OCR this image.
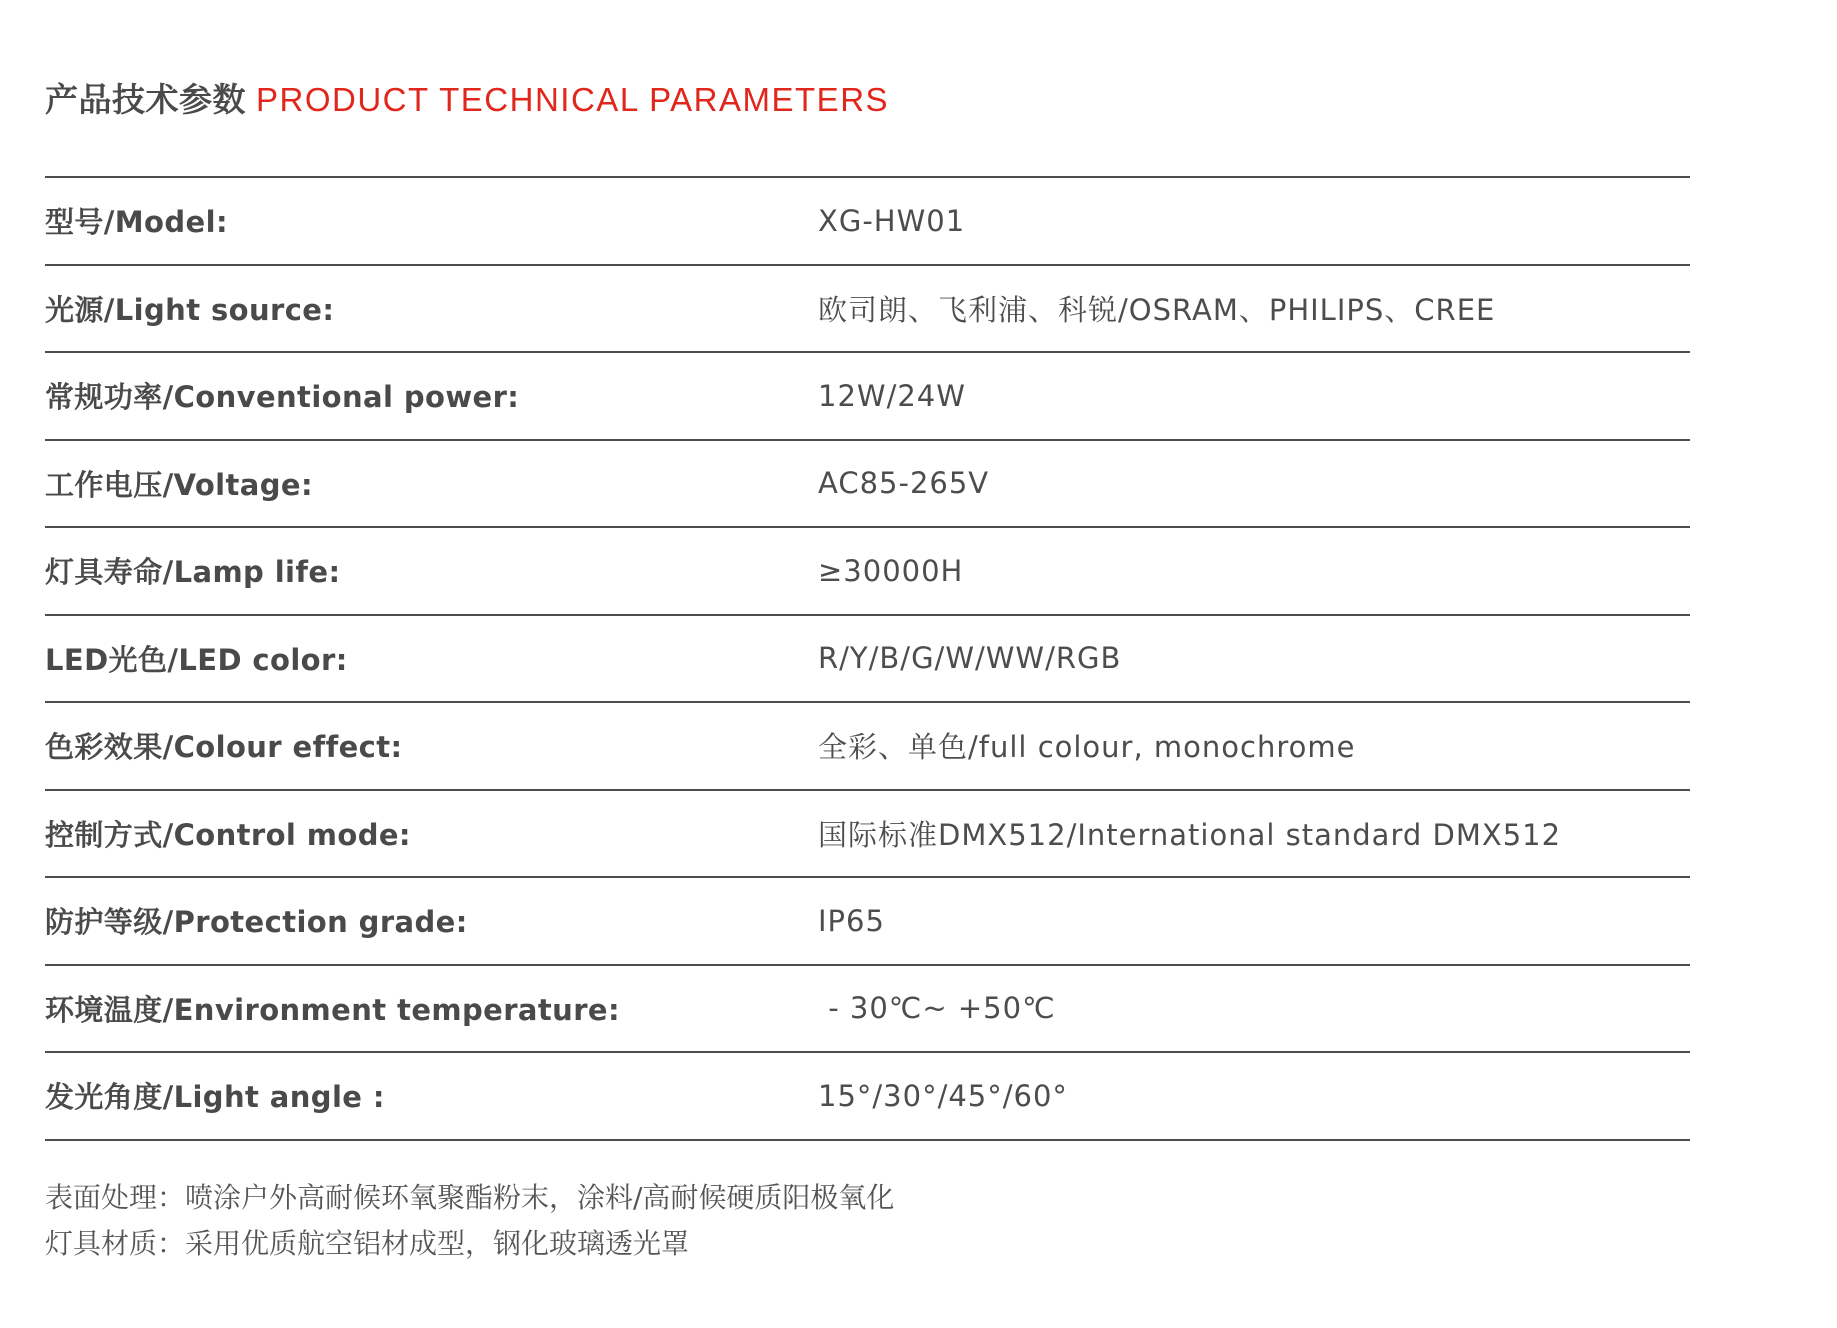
产品技术参数 PRODUCT TECHNICAL PARAMETERS
型号/Model:	XG-HW01
光源/Light source:	欧司朗、飞利浦、科锐/OSRAM、PHILIPS、CREE
常规功率/Conventional power:	12W/24W
工作电压/Voltage:	AC85-265V
灯具寿命/Lamp life:	≥30000H
LED光色/LED color:	R/Y/B/G/W/WW/RGB
色彩效果/Colour effect:	全彩、单色/full colour, monochrome
控制方式/Control mode:	国际标准DMX512/International standard DMX512
防护等级/Protection grade:	IP65
环境温度/Environment temperature:	- 30℃~ +50℃
发光角度/Light angle :	15°/30°/45°/60°
表面处理：喷涂户外高耐候环氧聚酯粉末，涂料/高耐候硬质阳极氧化
灯具材质：采用优质航空铝材成型，钢化玻璃透光罩
